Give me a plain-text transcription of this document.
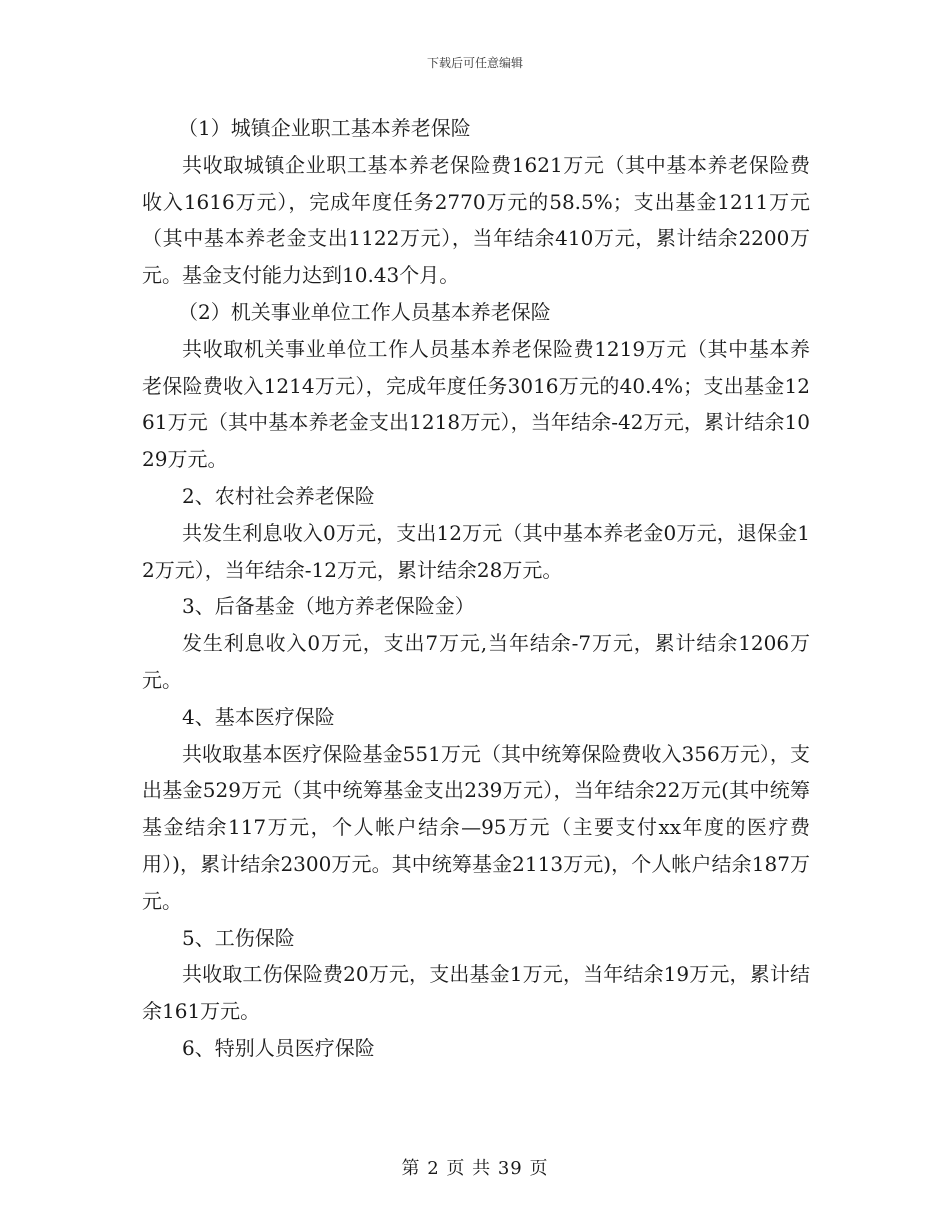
下载后可任意编辑

（1）城镇企业职工基本养老保险

共收取城镇企业职工基本养老保险费1621万元（其中基本养老保险费收入1616万元），完成年度任务2770万元的58.5%；支出基金1211万元（其中基本养老金支出1122万元），当年结余410万元，累计结余2200万元。基金支付能力达到10.43个月。

（2）机关事业单位工作人员基本养老保险

共收取机关事业单位工作人员基本养老保险费1219万元（其中基本养老保险费收入1214万元），完成年度任务3016万元的40.4%；支出基金1261万元（其中基本养老金支出1218万元），当年结余-42万元，累计结余1029万元。

2、农村社会养老保险

共发生利息收入0万元，支出12万元（其中基本养老金0万元，退保金12万元），当年结余-12万元，累计结余28万元。

3、后备基金（地方养老保险金）

发生利息收入0万元，支出7万元,当年结余-7万元，累计结余1206万元。

4、基本医疗保险

共收取基本医疗保险基金551万元（其中统筹保险费收入356万元），支出基金529万元（其中统筹基金支出239万元），当年结余22万元(其中统筹基金结余117万元，个人帐户结余—95万元（主要支付xx年度的医疗费用）)，累计结余2300万元。其中统筹基金2113万元)，个人帐户结余187万元。

5、工伤保险

共收取工伤保险费20万元，支出基金1万元，当年结余19万元，累计结余161万元。

6、特别人员医疗保险

第 2 页 共 39 页
